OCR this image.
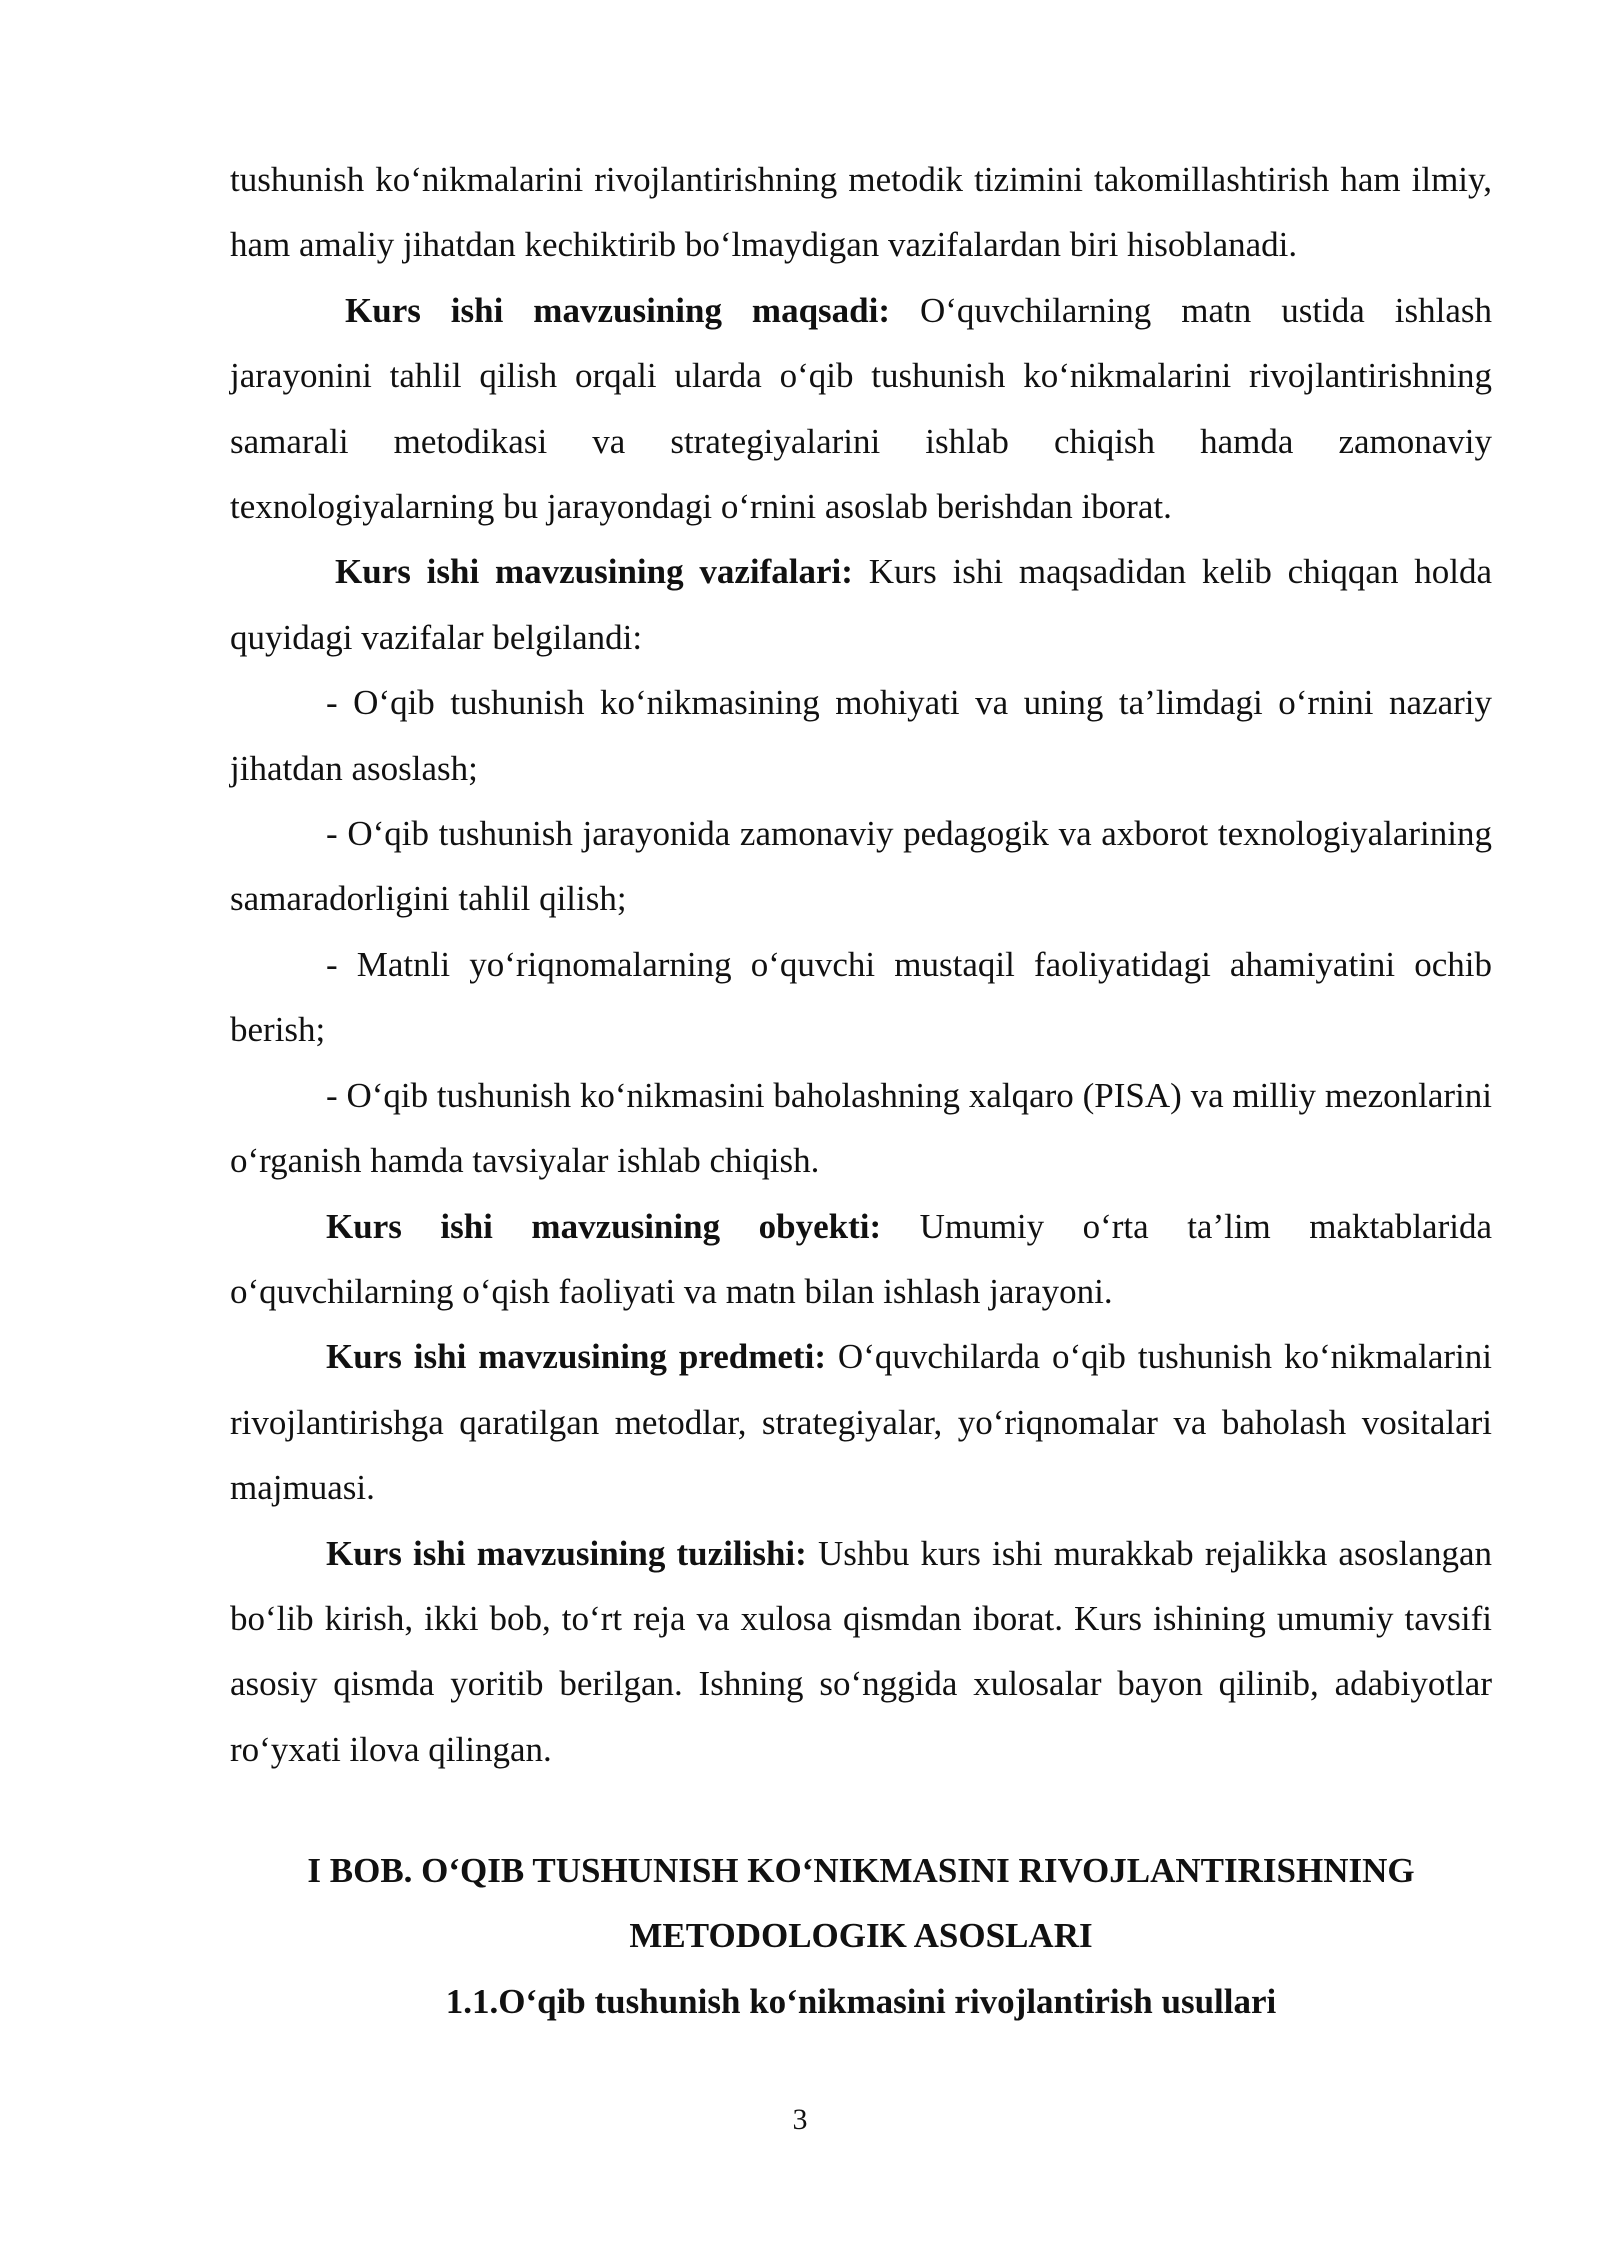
tushunish ko‘nikmalarini rivojlantirishning metodik tizimini takomillashtirish ham ilmiy, ham amaliy jihatdan kechiktirib bo‘lmaydigan vazifalardan biri hisoblanadi.

Kurs ishi mavzusining maqsadi: O‘quvchilarning matn ustida ishlash jarayonini tahlil qilish orqali ularda o‘qib tushunish ko‘nikmalarini rivojlantirishning samarali metodikasi va strategiyalarini ishlab chiqish hamda zamonaviy texnologiyalarning bu jarayondagi o‘rnini asoslab berishdan iborat.

Kurs ishi mavzusining vazifalari: Kurs ishi maqsadidan kelib chiqqan holda quyidagi vazifalar belgilandi:

- O‘qib tushunish ko‘nikmasining mohiyati va uning ta’limdagi o‘rnini nazariy jihatdan asoslash;

- O‘qib tushunish jarayonida zamonaviy pedagogik va axborot texnologiyalarining samaradorligini tahlil qilish;

- Matnli yo‘riqnomalarning o‘quvchi mustaqil faoliyatidagi ahamiyatini ochib berish;

- O‘qib tushunish ko‘nikmasini baholashning xalqaro (PISA) va milliy mezonlarini o‘rganish hamda tavsiyalar ishlab chiqish.

Kurs ishi mavzusining obyekti: Umumiy o‘rta ta’lim maktablarida o‘quvchilarning o‘qish faoliyati va matn bilan ishlash jarayoni.

Kurs ishi mavzusining predmeti: O‘quvchilarda o‘qib tushunish ko‘nikmalarini rivojlantirishga qaratilgan metodlar, strategiyalar, yo‘riqnomalar va baholash vositalari majmuasi.

Kurs ishi mavzusining tuzilishi: Ushbu kurs ishi murakkab rejalikka asoslangan bo‘lib kirish, ikki bob, to‘rt reja va xulosa qismdan iborat. Kurs ishining umumiy tavsifi asosiy qismda yoritib berilgan. Ishning so‘nggida xulosalar bayon qilinib, adabiyotlar ro‘yxati ilova qilingan.

I BOB. O‘QIB TUSHUNISH KO‘NIKMASINI RIVOJLANTIRISHNING
METODOLOGIK ASOSLARI
1.1.O‘qib tushunish ko‘nikmasini rivojlantirish usullari
3
